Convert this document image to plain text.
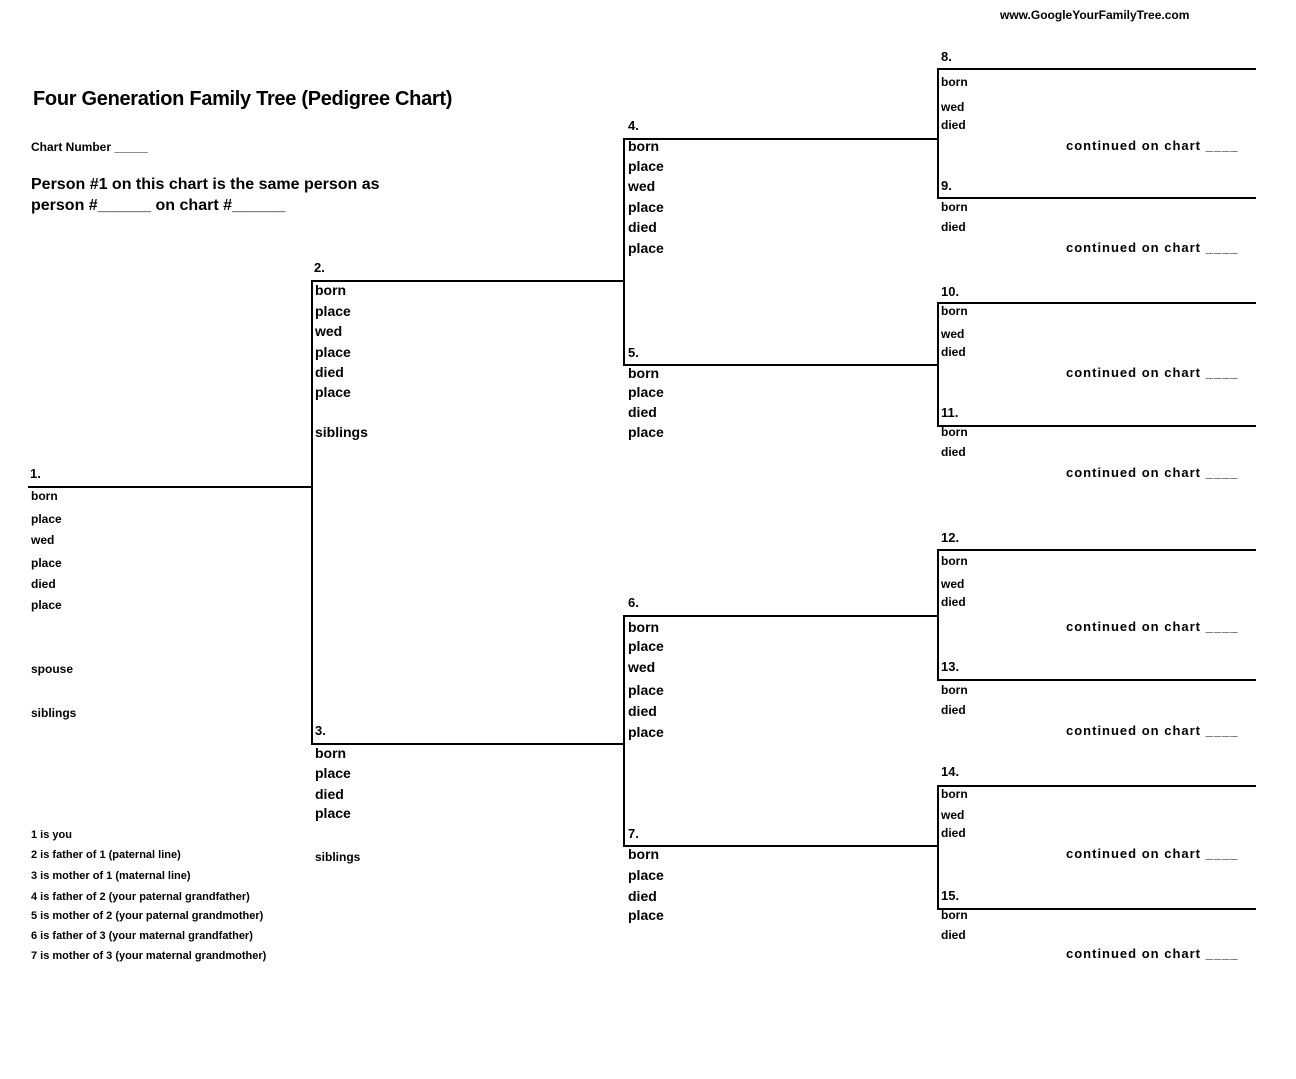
www.GoogleYourFamilyTree.com
Four Generation Family Tree (Pedigree Chart)
Chart Number _____
Person #1 on this chart is the same person as
person #______ on chart #______
1.
born
place
wed
place
died
place
spouse
siblings
2.
born
place
wed
place
died
place
siblings
3.
born
place
died
place
siblings
4.
born
place
wed
place
died
place
5.
born
place
died
place
6.
born
place
wed
place
died
place
7.
born
place
died
place
8.
born
wed
died
continued on chart ____
9.
born
died
continued on chart ____
10.
born
wed
died
continued on chart ____
11.
born
died
continued on chart ____
12.
born
wed
died
continued on chart ____
13.
born
died
continued on chart ____
14.
born
wed
died
continued on chart ____
15.
born
died
continued on chart ____
1 is you
2 is father of 1 (paternal line)
3 is mother of 1 (maternal line)
4 is father of 2 (your paternal grandfather)
5 is mother of 2 (your paternal grandmother)
6 is father of 3 (your maternal grandfather)
7 is mother of 3 (your maternal grandmother)
